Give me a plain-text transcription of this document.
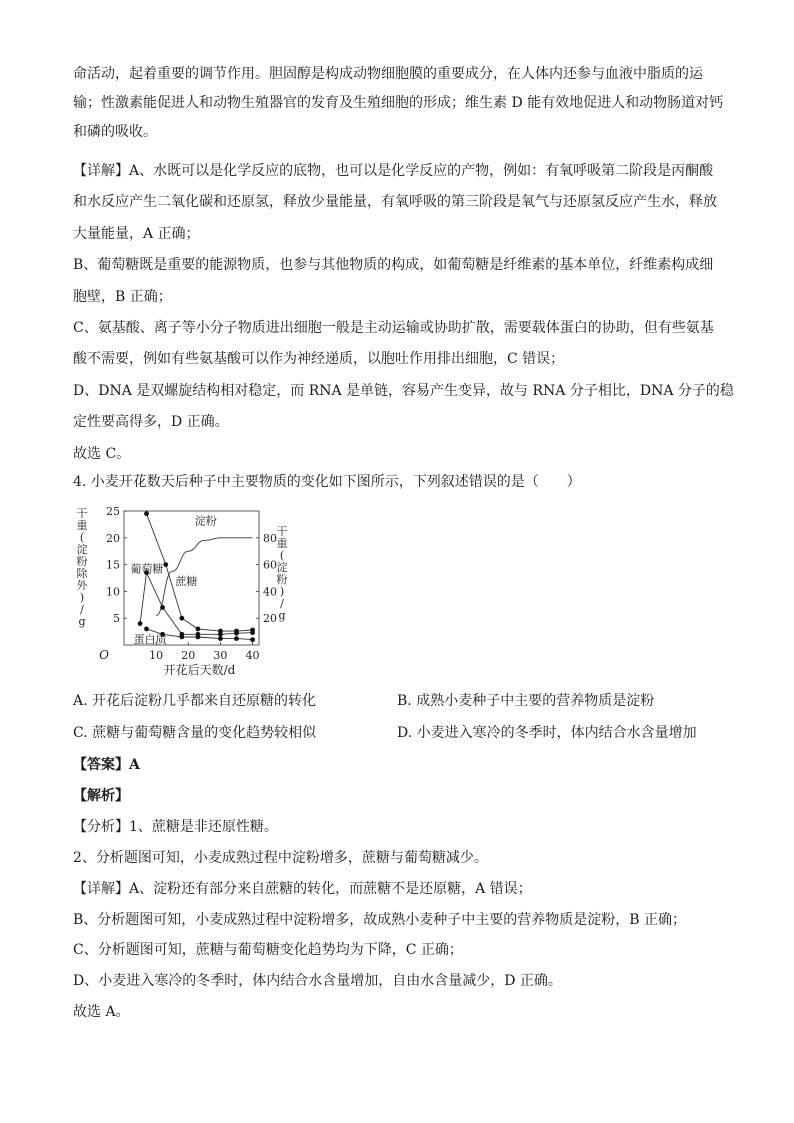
命活动，起着重要的调节作用。胆固醇是构成动物细胞膜的重要成分，在人体内还参与血液中脂质的运
输；性激素能促进人和动物生殖器官的发育及生殖细胞的形成；维生素 D 能有效地促进人和动物肠道对钙
和磷的吸收。
【详解】A、水既可以是化学反应的底物，也可以是化学反应的产物，例如：有氧呼吸第二阶段是丙酮酸
和水反应产生二氧化碳和还原氢，释放少量能量，有氧呼吸的第三阶段是氧气与还原氢反应产生水，释放
大量能量，A 正确；
B、葡萄糖既是重要的能源物质，也参与其他物质的构成，如葡萄糖是纤维素的基本单位，纤维素构成细
胞壁，B 正确；
C、氨基酸、离子等小分子物质进出细胞一般是主动运输或协助扩散，需要载体蛋白的协助，但有些氨基
酸不需要，例如有些氨基酸可以作为神经递质，以胞吐作用排出细胞，C 错误；
D、DNA 是双螺旋结构相对稳定，而 RNA 是单链，容易产生变异，故与 RNA 分子相比，DNA 分子的稳
定性要高得多，D 正确。
故选 C。
4. 小麦开花数天后种子中主要物质的变化如下图所示，下列叙述错误的是（　　）
5
10
15
20
25
20
40
60
80
10 20 30 40
O
开花后天数/d
干
重
(
淀
粉
除
外
)
/
g
干
重
(
淀
粉
)
/
g
淀粉
蔗糖
葡萄糖
蛋白质
A. 开花后淀粉几乎都来自还原糖的转化	B. 成熟小麦种子中主要的营养物质是淀粉
C. 蔗糖与葡萄糖含量的变化趋势较相似	D. 小麦进入寒冷的冬季时，体内结合水含量增加
【答案】A
【解析】
【分析】1、蔗糖是非还原性糖。
2、分析题图可知，小麦成熟过程中淀粉增多，蔗糖与葡萄糖减少。
【详解】A、淀粉还有部分来自蔗糖的转化，而蔗糖不是还原糖，A 错误；
B、分析题图可知，小麦成熟过程中淀粉增多，故成熟小麦种子中主要的营养物质是淀粉，B 正确；
C、分析题图可知，蔗糖与葡萄糖变化趋势均为下降，C 正确；
D、小麦进入寒冷的冬季时，体内结合水含量增加，自由水含量减少，D 正确。
故选 A。
